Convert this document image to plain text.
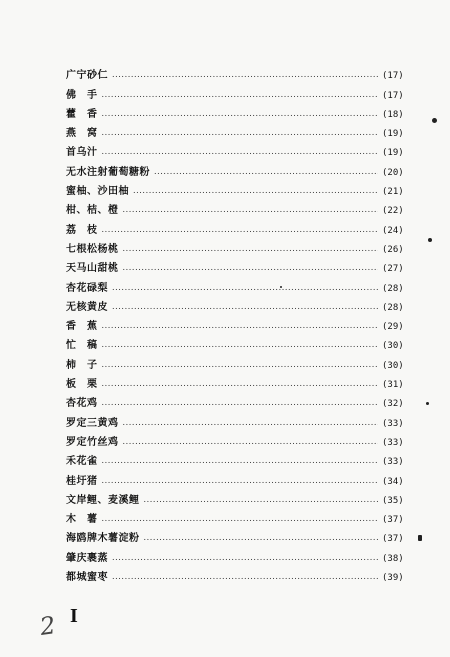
广宁砂仁 .....	(17)
佛　手 .....	(17)
藿　香 .....	(18)
燕　窝 .....	(19)
首乌汁 .....	(19)
无水注射葡萄糖粉 .....	(20)
蜜柚、沙田柚 .....	(21)
柑、桔、橙 .....	(22)
荔　枝 .....	(24)
七根松杨桃 .....	(26)
天马山甜桃 .....	(27)
杏花碌梨 .....	(28)
无核黄皮 .....	(28)
香　蕉 .....	(29)
忙　稿 .....	(30)
柿　子 .....	(30)
板　栗 .....	(31)
杏花鸡 .....	(32)
罗定三黄鸡 .....	(33)
罗定竹丝鸡 .....	(33)
禾花雀 .....	(33)
桂圩猪 .....	(34)
文岸鲤、麦溪鲤 .....	(35)
木　薯 .....	(37)
海鸥牌木薯淀粉 .....	(37)
肇庆裹蒸 .....	(38)
都城蜜枣 .....	(39)
2 I
